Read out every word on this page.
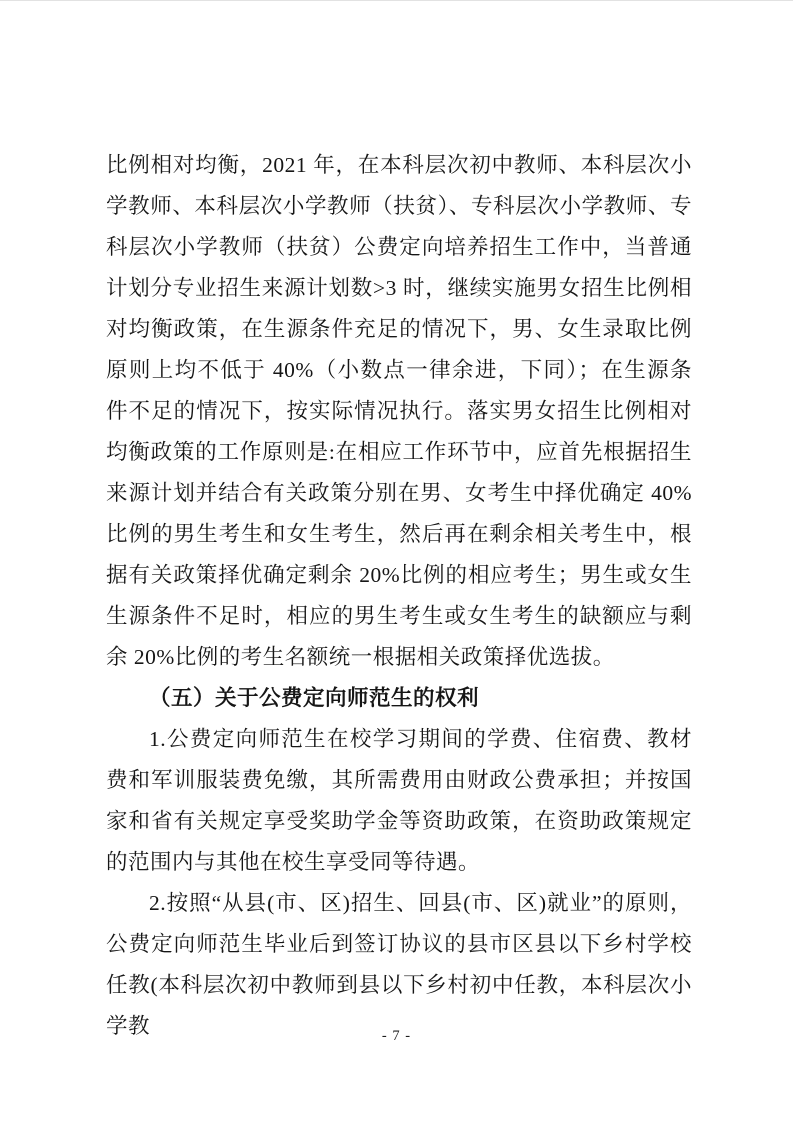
比例相对均衡，2021 年，在本科层次初中教师、本科层次小学教师、本科层次小学教师（扶贫）、专科层次小学教师、专科层次小学教师（扶贫）公费定向培养招生工作中，当普通计划分专业招生来源计划数>3 时，继续实施男女招生比例相对均衡政策，在生源条件充足的情况下，男、女生录取比例原则上均不低于 40%（小数点一律余进，下同）；在生源条件不足的情况下，按实际情况执行。落实男女招生比例相对均衡政策的工作原则是:在相应工作环节中，应首先根据招生来源计划并结合有关政策分别在男、女考生中择优确定 40%比例的男生考生和女生考生，然后再在剩余相关考生中，根据有关政策择优确定剩余 20%比例的相应考生；男生或女生生源条件不足时，相应的男生考生或女生考生的缺额应与剩余 20%比例的考生名额统一根据相关政策择优选拔。

（五）关于公费定向师范生的权利

1.公费定向师范生在校学习期间的学费、住宿费、教材费和军训服装费免缴，其所需费用由财政公费承担；并按国家和省有关规定享受奖助学金等资助政策，在资助政策规定的范围内与其他在校生享受同等待遇。

2.按照“从县(市、区)招生、回县(市、区)就业”的原则，公费定向师范生毕业后到签订协议的县市区县以下乡村学校任教(本科层次初中教师到县以下乡村初中任教，本科层次小学教	- 7 -
